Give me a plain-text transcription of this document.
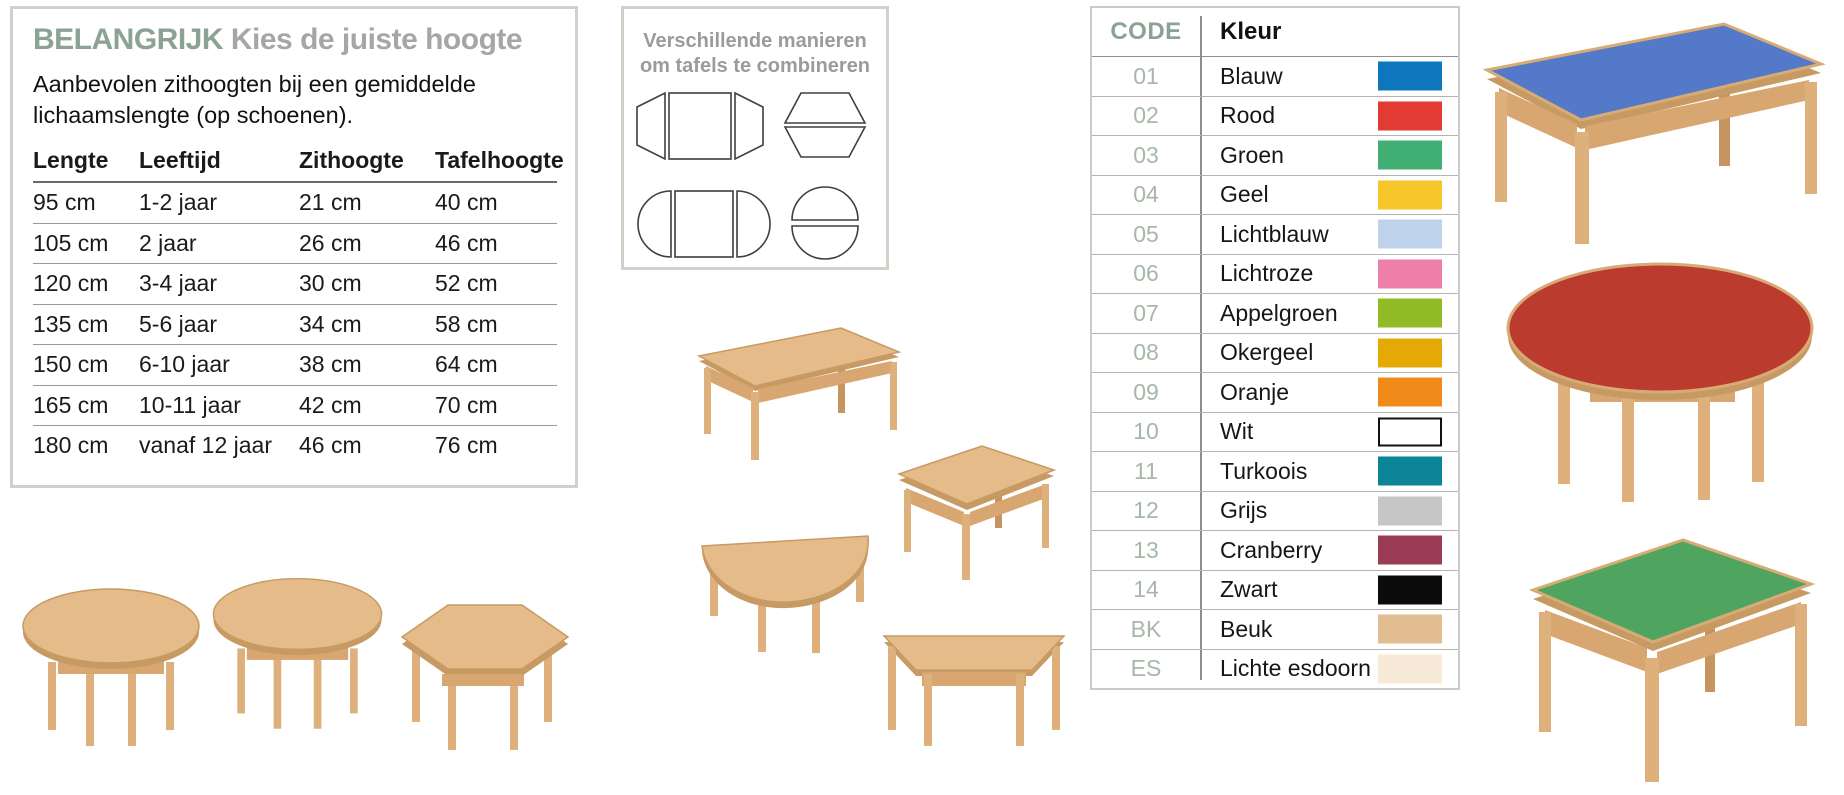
BELANGRIJK Kies de juiste hoogte

Aanbevolen zithoogten bij een gemiddelde lichaamslengte (op schoenen).

Lengte	Leeftijd	Zithoogte	Tafelhoogte
95 cm	1-2 jaar	21 cm	40 cm
105 cm	2 jaar	26 cm	46 cm
120 cm	3-4 jaar	30 cm	52 cm
135 cm	5-6 jaar	34 cm	58 cm
150 cm	6-10 jaar	38 cm	64 cm
165 cm	10-11 jaar	42 cm	70 cm
180 cm	vanaf 12 jaar	46 cm	76 cm
Verschillende manieren
om tafels te combineren
CODE	Kleur
01	Blauw
02	Rood
03	Groen
04	Geel
05	Lichtblauw
06	Lichtroze
07	Appelgroen
08	Okergeel
09	Oranje
10	Wit
11	Turkoois
12	Grijs
13	Cranberry
14	Zwart
BK	Beuk
ES	Lichte esdoorn
